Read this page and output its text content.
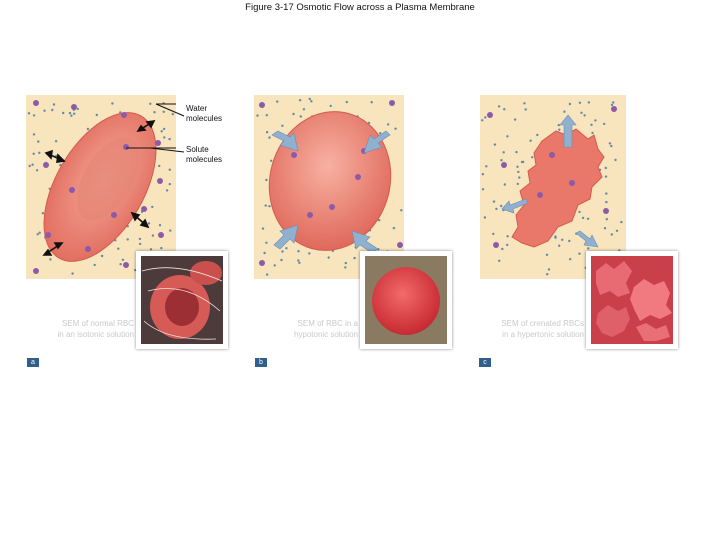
Figure 3-17 Osmotic Flow across a Plasma Membrane
Water
molecules
Solute
molecules
SEM of normal RBC
in an isotonic solution
a
SEM of RBC in a
hypotonic solution
b
SEM of crenated RBCs
in a hypertonic solution
c
